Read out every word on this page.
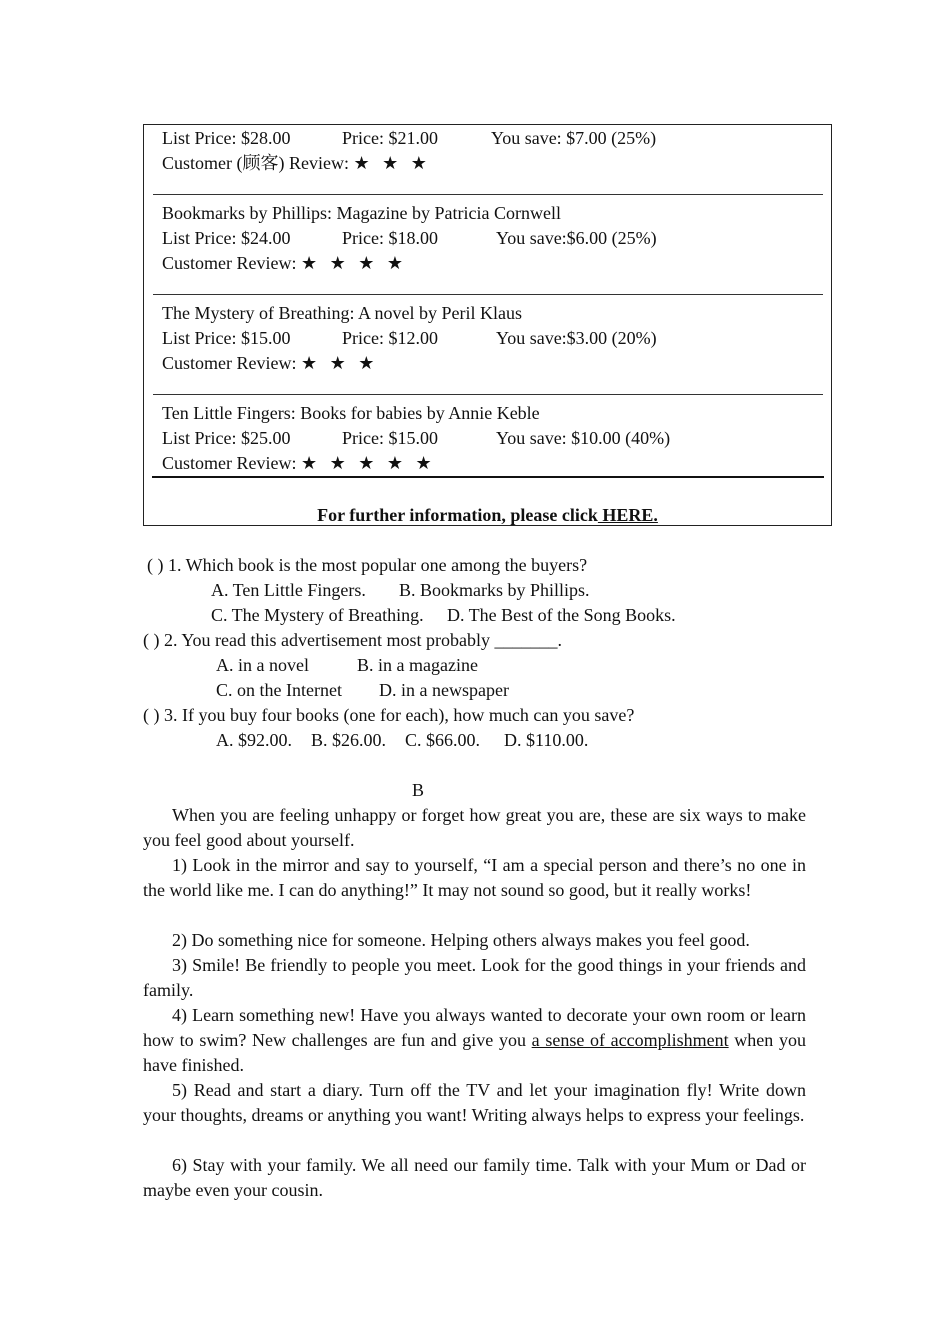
List Price: $28.00	Price: $21.00	You save: $7.00 (25%)
Customer (顾客) Review: ★ ★ ★
Bookmarks by Phillips: Magazine by Patricia Cornwell
List Price: $24.00	Price: $18.00	You save:$6.00 (25%)
Customer Review: ★ ★ ★ ★
The Mystery of Breathing: A novel by Peril Klaus
List Price: $15.00	Price: $12.00	You save:$3.00 (20%)
Customer Review: ★ ★ ★
Ten Little Fingers: Books for babies by Annie Keble
List Price: $25.00	Price: $15.00	You save: $10.00 (40%)
Customer Review: ★ ★ ★ ★ ★
For further information, please click HERE.
( ) 1. Which book is the most popular one among the buyers?
A. Ten Little Fingers. B. Bookmarks by Phillips.
C. The Mystery of Breathing. D. The Best of the Song Books.
( ) 2. You read this advertisement most probably _______.
A. in a novel	B. in a magazine
C. on the Internet D. in a newspaper
( ) 3. If you buy four books (one for each), how much can you save?
A. $92.00. B. $26.00. C. $66.00. D. $110.00.
B

When you are feeling unhappy or forget how great you are, these are six ways to make you feel good about yourself.

1) Look in the mirror and say to yourself, “I am a special person and there’s no one in the world like me. I can do anything!” It may not sound so good, but it really works!

2) Do something nice for someone. Helping others always makes you feel good.

3) Smile! Be friendly to people you meet. Look for the good things in your friends and family.

4) Learn something new! Have you always wanted to decorate your own room or learn how to swim? New challenges are fun and give you a sense of accomplishment when you have finished.

5) Read and start a diary. Turn off the TV and let your imagination fly! Write down your thoughts, dreams or anything you want! Writing always helps to express your feelings.

6) Stay with your family. We all need our family time. Talk with your Mum or Dad or maybe even your cousin.
